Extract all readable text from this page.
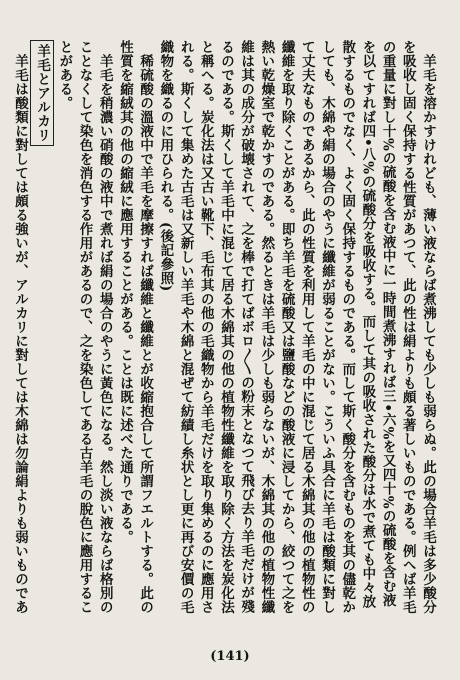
羊毛を溶かすけれども、薄い液ならば煮沸しても少しも弱らぬ。此の場合羊毛は多少酸分を吸收し固く保持する性質があつて、此の性は絹よりも頗る著しいものである。例へば羊毛の重量に對し十%の硫酸を含む液中に一時間煮沸すれば三•六%を又四十%の硫酸を含む液を以てすれば四•八%の硫酸分を吸收する。而して其の吸收された酸分は水で煮ても中々放散するものでなく、よく固く保持するものである。而して斯く酸分を含むものを其の儘乾かしても、木綿や絹の場合のやうに纖維が弱ることがない。こういふ具合に羊毛は酸類に對して丈夫なものであるから、此の性質を利用して羊毛の中に混じて居る木綿其の他の植物性の纖維を取り除くことがある。即ち羊毛を硫酸又は鹽酸などの酸液に浸してから、絞つて之を熱い乾燥室で乾かすのである。然るときは羊毛は少しも弱らないが、木綿其の他の植物性纖維は其の成分が破壊されて、之を棒で打てばボロ〳〵の粉末となつて飛び去り羊毛だけが殘るのである。斯くして羊毛中に混じて居る木綿其の他の植物性纖維を取り除く方法を炭化法と稱へる。炭化法は又古い靴下、毛布其の他の毛織物から羊毛だけを取り集めるのに應用される。斯くして集めた古毛は又新しい羊毛や木綿と混ぜて紡績し糸状とし更に再び安價の毛織物を織るのに用ひられる。(後記參照)

稀硫酸の溫液中で羊毛を摩擦すれば纖維と纖維とが收縮抱合して所謂フエルトする。此の性質を縮絨其の他の縮絨に應用することがある。ことは既に述べた通りである。

羊毛を稍濃い硝酸の液中で煮れば絹の場合のやうに黃色になる。然し淡い液ならば格別のことなくして染色を消色する作用があるので、之を染色してある古羊毛の脫色に應用することがある。

羊毛とアルカリ

羊毛は酸類に對しては頗る強いが、アルカリに對しては木綿は勿論絹よりも弱いものであ

(141)
